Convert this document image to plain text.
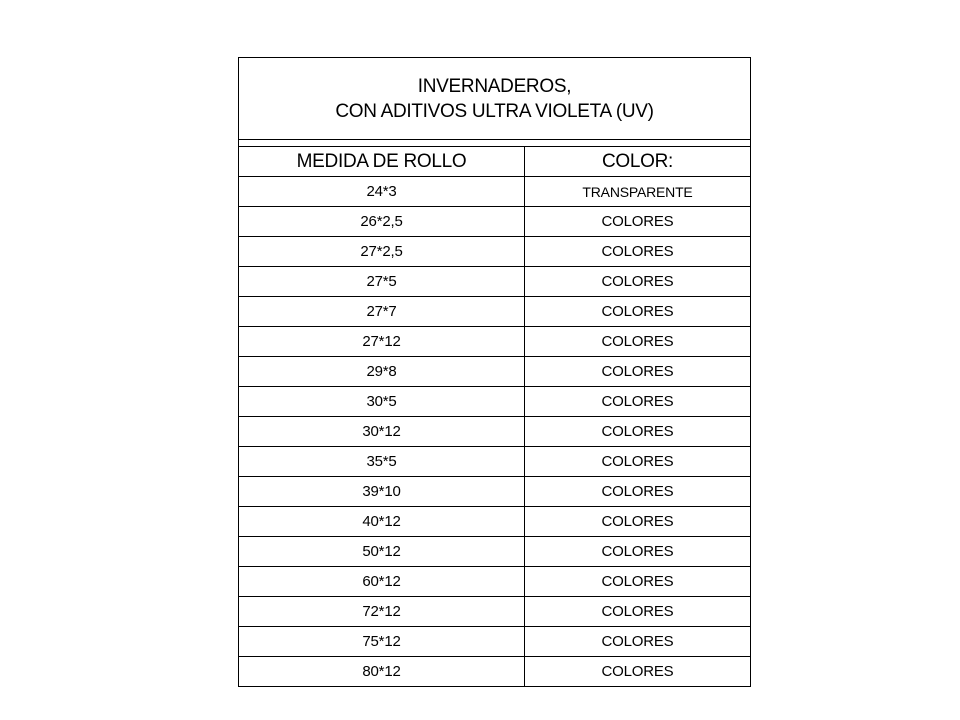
INVERNADEROS,
CON ADITIVOS ULTRA VIOLETA (UV)
MEDIDA DE ROLLO	COLOR:
24*3	TRANSPARENTE
26*2,5	COLORES
27*2,5	COLORES
27*5	COLORES
27*7	COLORES
27*12	COLORES
29*8	COLORES
30*5	COLORES
30*12	COLORES
35*5	COLORES
39*10	COLORES
40*12	COLORES
50*12	COLORES
60*12	COLORES
72*12	COLORES
75*12	COLORES
80*12	COLORES
